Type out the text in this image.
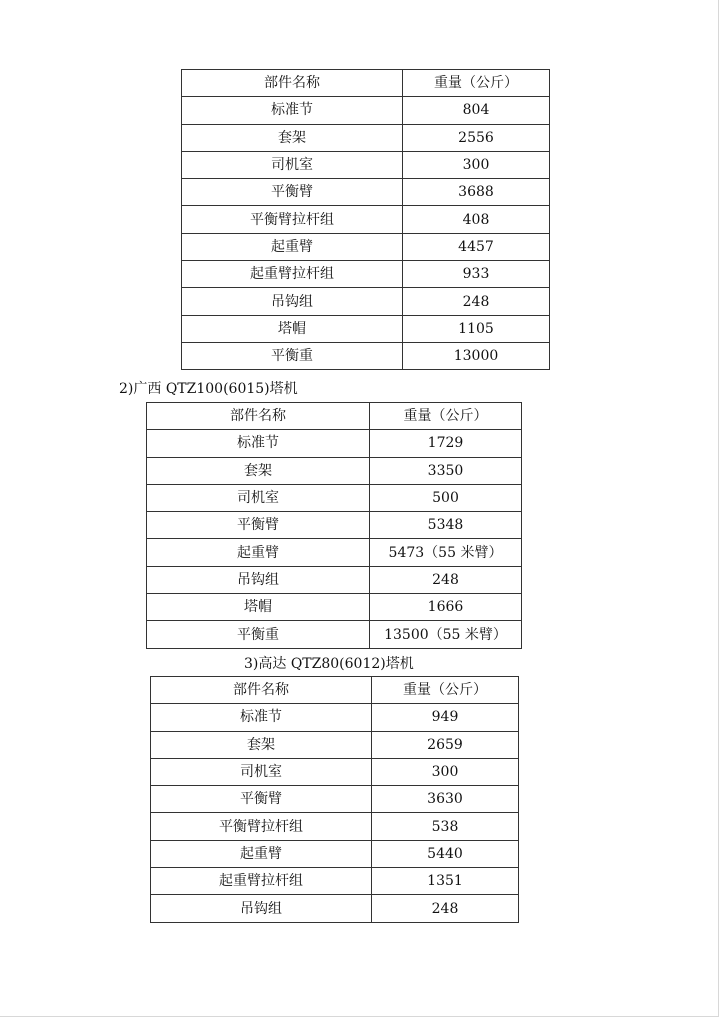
部件名称	重量（公斤）
标准节	804
套架	2556
司机室	300
平衡臂	3688
平衡臂拉杆组	408
起重臂	4457
起重臂拉杆组	933
吊钩组	248
塔帽	1105
平衡重	13000
2)广西 QTZ100(6015)塔机
部件名称	重量（公斤）
标准节	1729
套架	3350
司机室	500
平衡臂	5348
起重臂	5473（55 米臂）
吊钩组	248
塔帽	1666
平衡重	13500（55 米臂）
3)高达 QTZ80(6012)塔机
部件名称	重量（公斤）
标准节	949
套架	2659
司机室	300
平衡臂	3630
平衡臂拉杆组	538
起重臂	5440
起重臂拉杆组	1351
吊钩组	248
